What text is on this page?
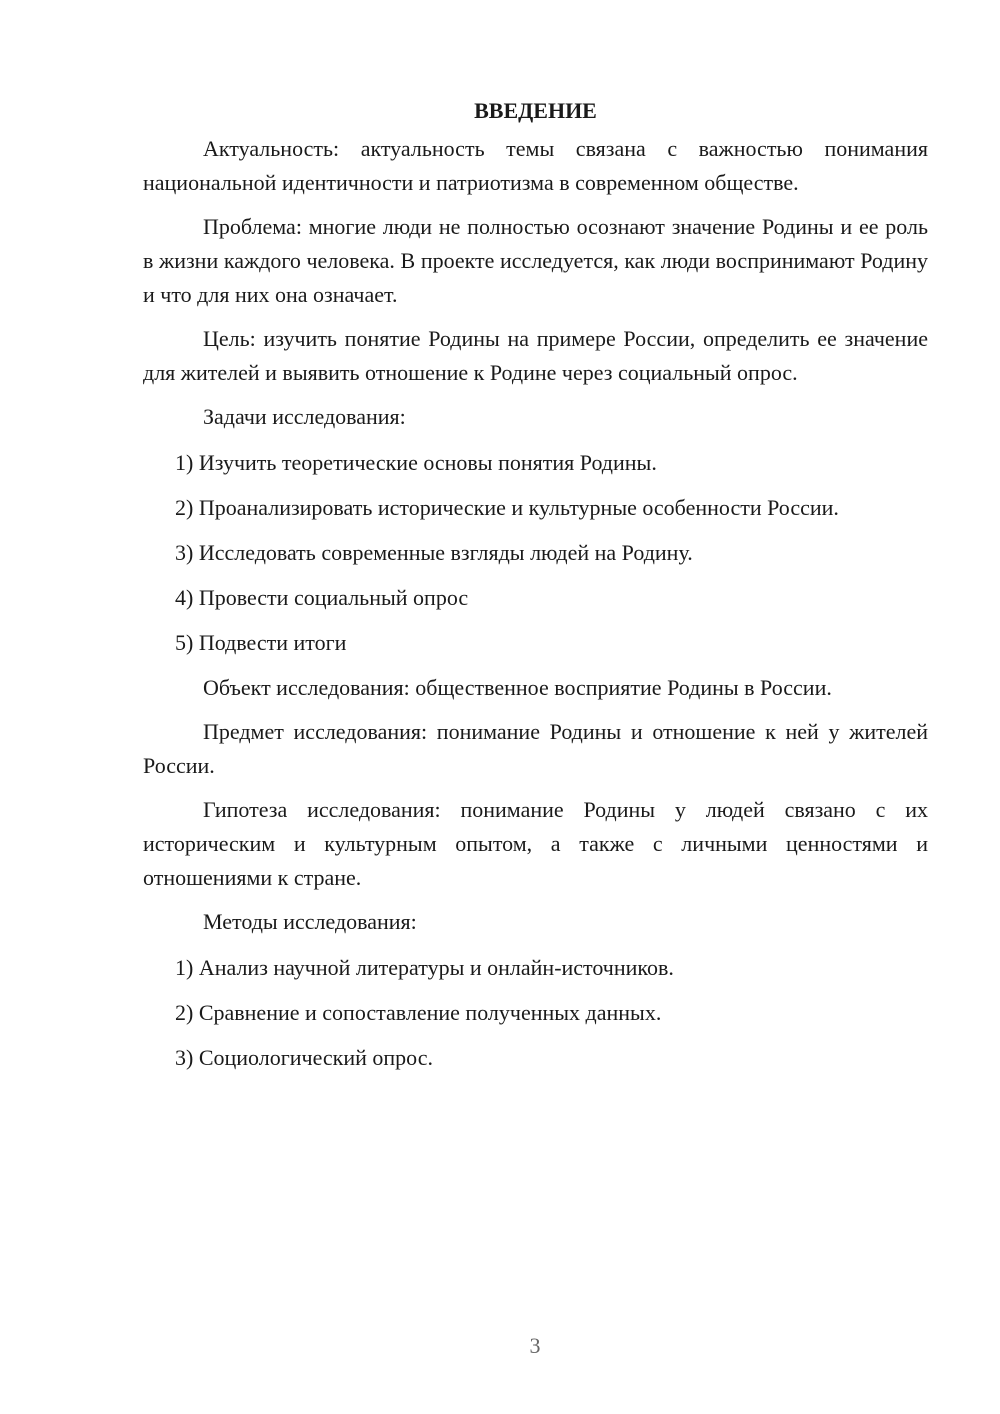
ВВЕДЕНИЕ

Актуальность: актуальность темы связана с важностью понимания национальной идентичности и патриотизма в современном обществе.

Проблема: многие люди не полностью осознают значение Родины и ее роль в жизни каждого человека. В проекте исследуется, как люди воспринимают Родину и что для них она означает.

Цель: изучить понятие Родины на примере России, определить ее значение для жителей и выявить отношение к Родине через социальный опрос.

Задачи исследования:

1) Изучить теоретические основы понятия Родины.

2) Проанализировать исторические и культурные особенности России.

3) Исследовать современные взгляды людей на Родину.

4) Провести социальный опрос

5) Подвести итоги

Объект исследования: общественное восприятие Родины в России.

Предмет исследования: понимание Родины и отношение к ней у жителей России.

Гипотеза исследования: понимание Родины у людей связано с их историческим и культурным опытом, а также с личными ценностями и отношениями к стране.

Методы исследования:

1) Анализ научной литературы и онлайн-источников.

2) Сравнение и сопоставление полученных данных.

3) Социологический опрос.

3
